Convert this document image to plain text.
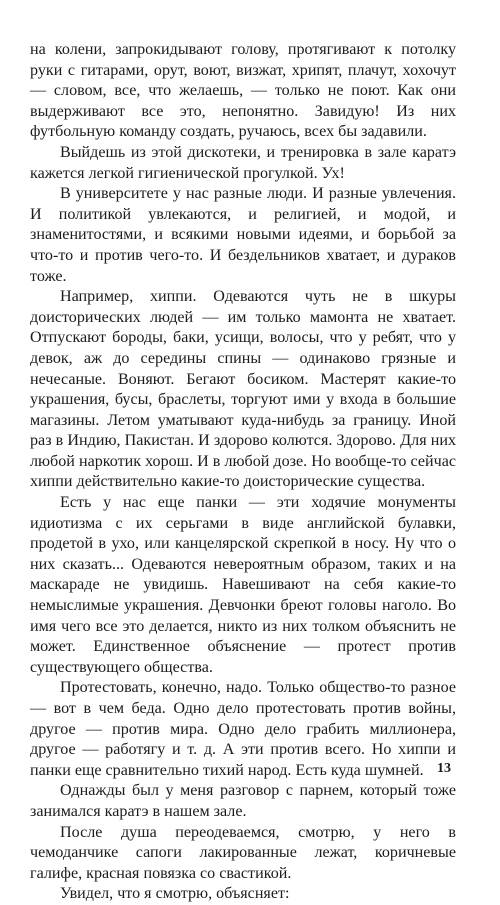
на колени, запрокидывают голову, протягивают к потолку руки с гитарами, орут, воют, визжат, хрипят, плачут, хохочут — словом, все, что желаешь, — только не поют. Как они выдерживают все это, непонятно. Завидую! Из них футбольную команду создать, ручаюсь, всех бы задавили.

Выйдешь из этой дискотеки, и тренировка в зале каратэ кажется легкой гигиенической прогулкой. Ух!

В университете у нас разные люди. И разные увлечения. И политикой увлекаются, и религией, и модой, и знаменитостями, и всякими новыми идеями, и борьбой за что-то и против чего-то. И бездельников хватает, и дураков тоже.

Например, хиппи. Одеваются чуть не в шкуры доисторических людей — им только мамонта не хватает. Отпускают бороды, баки, усищи, волосы, что у ребят, что у девок, аж до середины спины — одинаково грязные и нечесаные. Воняют. Бегают босиком. Мастерят какие-то украшения, бусы, браслеты, торгуют ими у входа в большие магазины. Летом уматывают куда-нибудь за границу. Иной раз в Индию, Пакистан. И здорово колются. Здорово. Для них любой наркотик хорош. И в любой дозе. Но вообще-то сейчас хиппи действительно какие-то доисторические существа.

Есть у нас еще панки — эти ходячие монументы идиотизма с их серьгами в виде английской булавки, продетой в ухо, или канцелярской скрепкой в носу. Ну что о них сказать... Одеваются невероятным образом, таких и на маскараде не увидишь. Навешивают на себя какие-то немыслимые украшения. Девчонки бреют головы наголо. Во имя чего все это делается, никто из них толком объяснить не может. Единственное объяснение — протест против существующего общества.

Протестовать, конечно, надо. Только общество-то разное — вот в чем беда. Одно дело протестовать против войны, другое — против мира. Одно дело грабить миллионера, другое — работягу и т. д. А эти против всего. Но хиппи и панки еще сравнительно тихий народ. Есть куда шумней.

Однажды был у меня разговор с парнем, который тоже занимался каратэ в нашем зале.

После душа переодеваемся, смотрю, у него в чемоданчике сапоги лакированные лежат, коричневые галифе, красная повязка со свастикой.

Увидел, что я смотрю, объясняет:

13
